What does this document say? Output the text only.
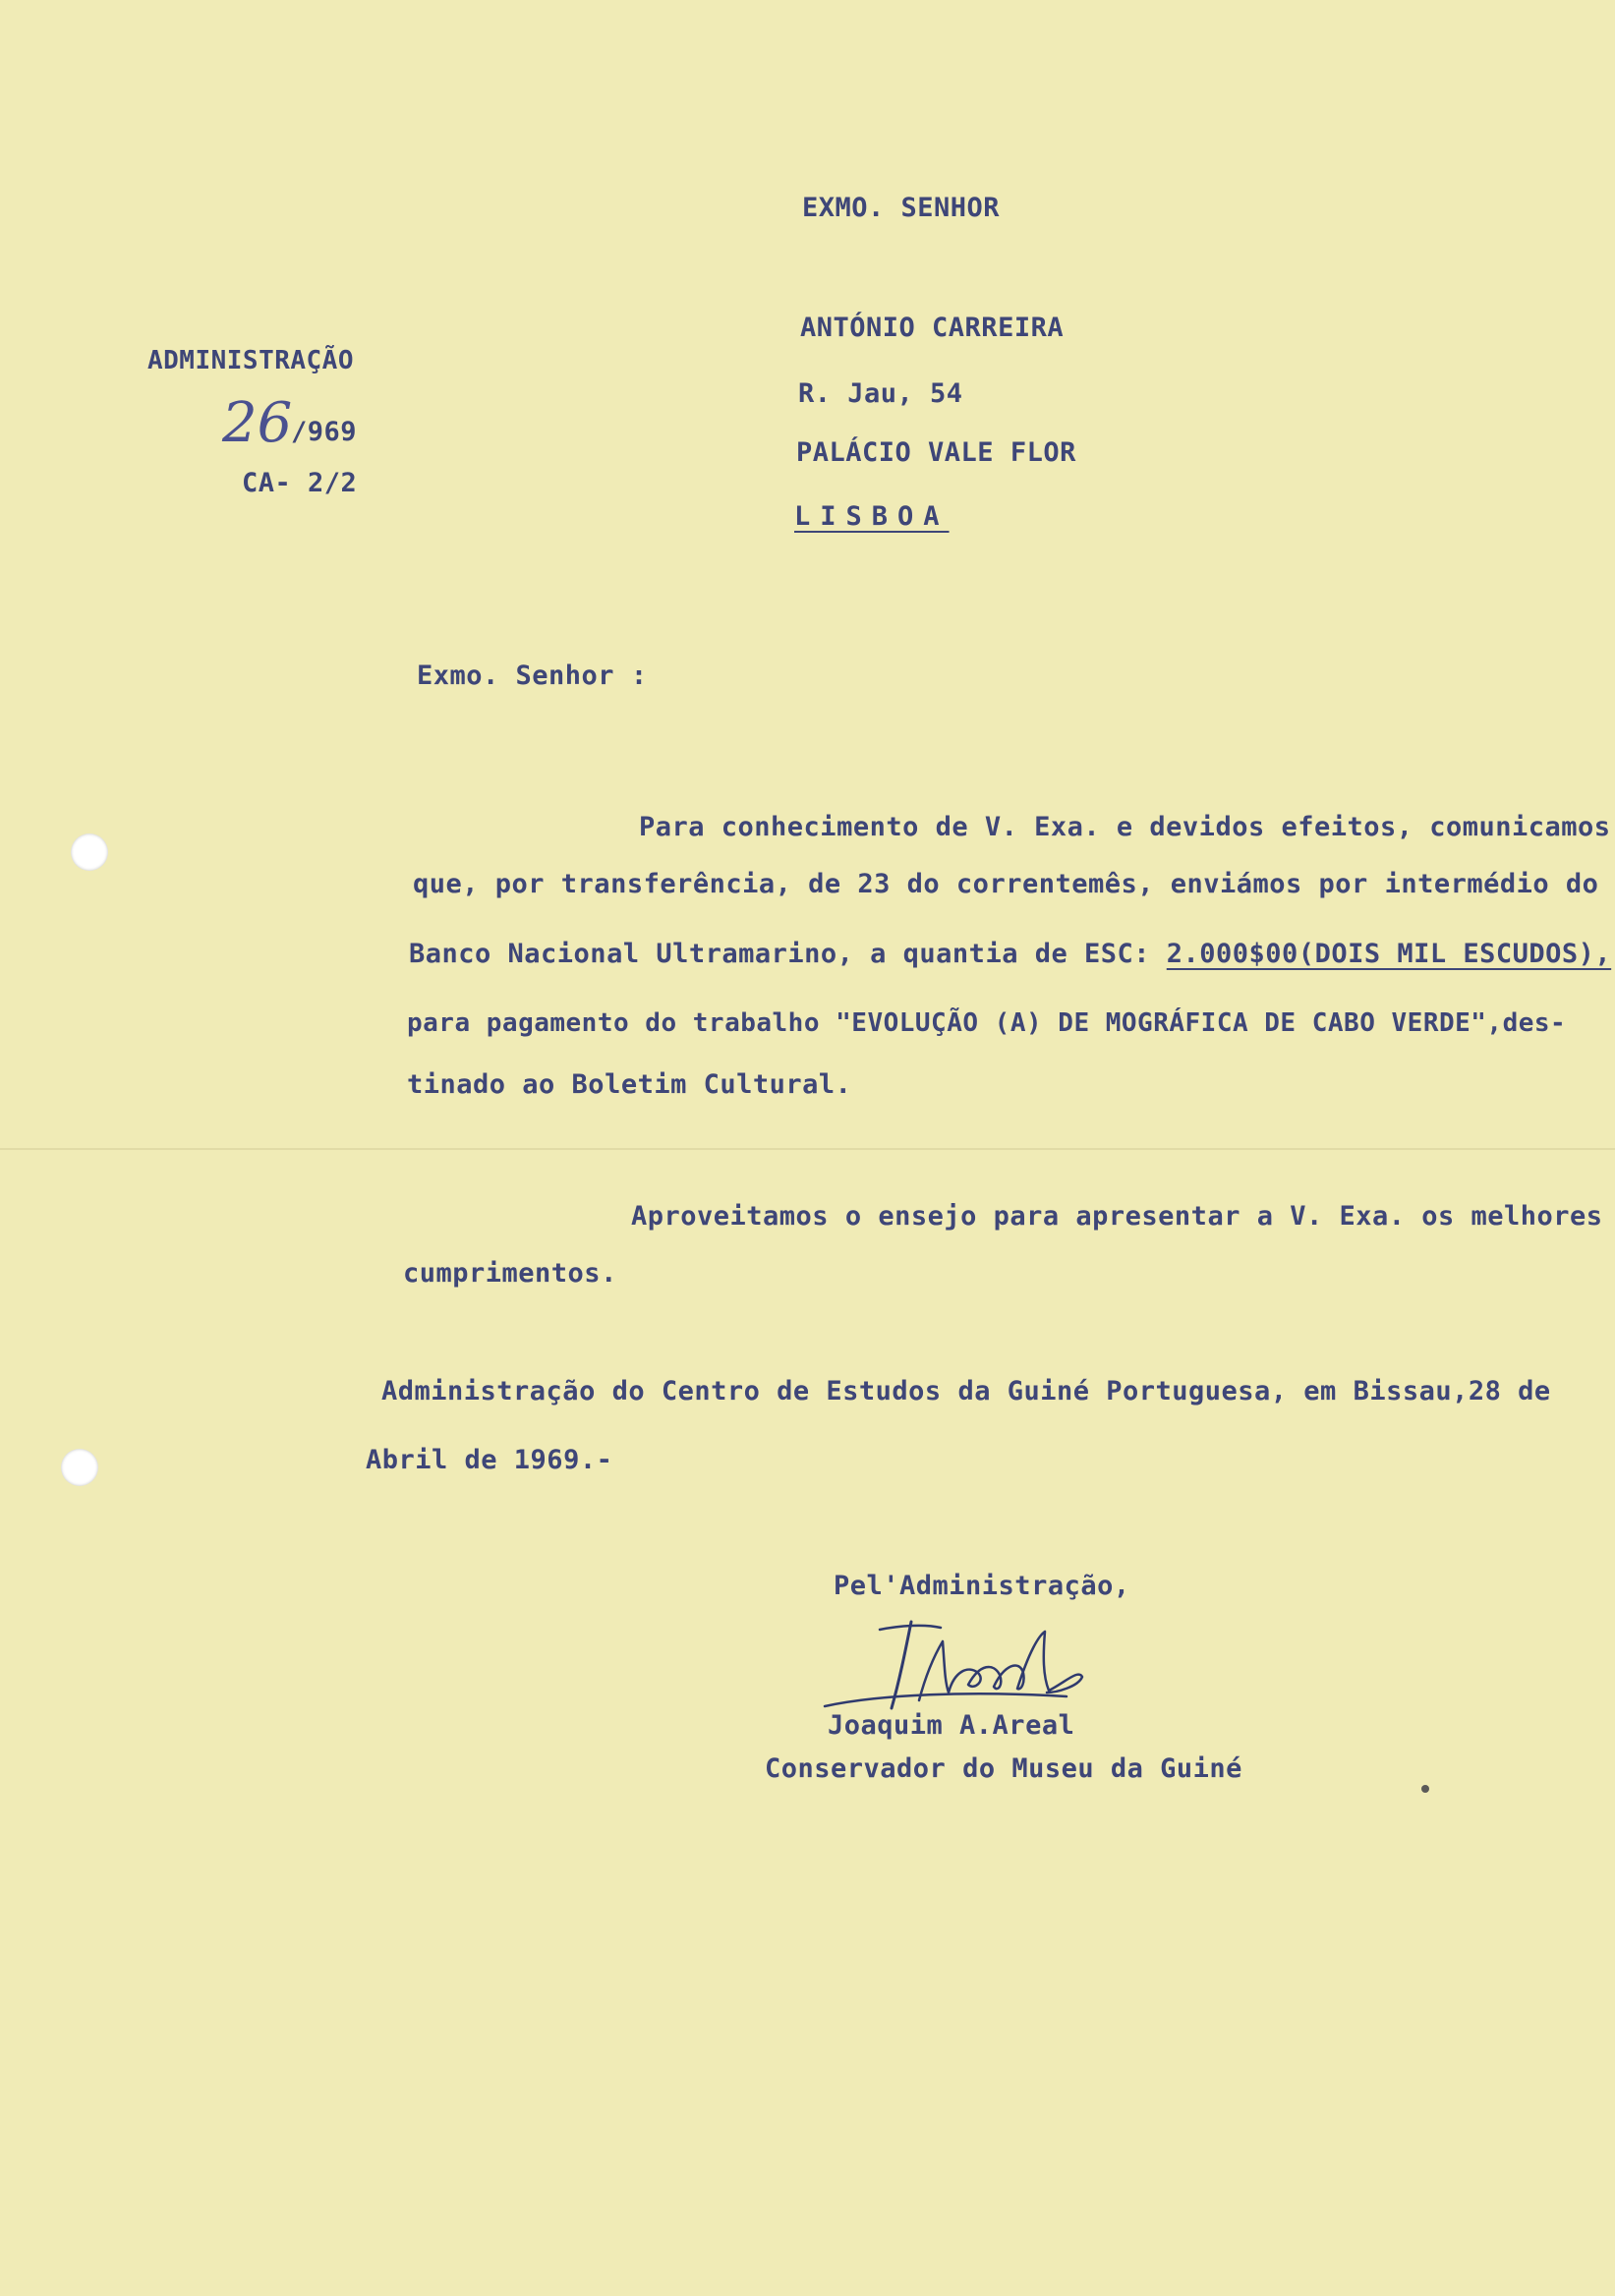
EXMO. SENHOR
ANTÓNIO CARREIRA
R. Jau, 54
PALÁCIO VALE FLOR
LISBOA
ADMINISTRAÇÃO
26
/969
CA- 2/2
Exmo. Senhor :
Para conhecimento de V. Exa. e devidos efeitos, comunicamos
que, por transferência, de 23 do correntemês, enviámos por intermédio do
Banco Nacional Ultramarino, a quantia de ESC: 2.000$00(DOIS MIL ESCUDOS),
para pagamento do trabalho "EVOLUÇÃO (A) DE MOGRÁFICA DE CABO VERDE",des-
tinado ao Boletim Cultural.
Aproveitamos o ensejo para apresentar a V. Exa. os melhores
cumprimentos.
Administração do Centro de Estudos da Guiné Portuguesa, em Bissau,28 de
Abril de 1969.-
Pel'Administração,
Joaquim A.Areal
Conservador do Museu da Guiné
